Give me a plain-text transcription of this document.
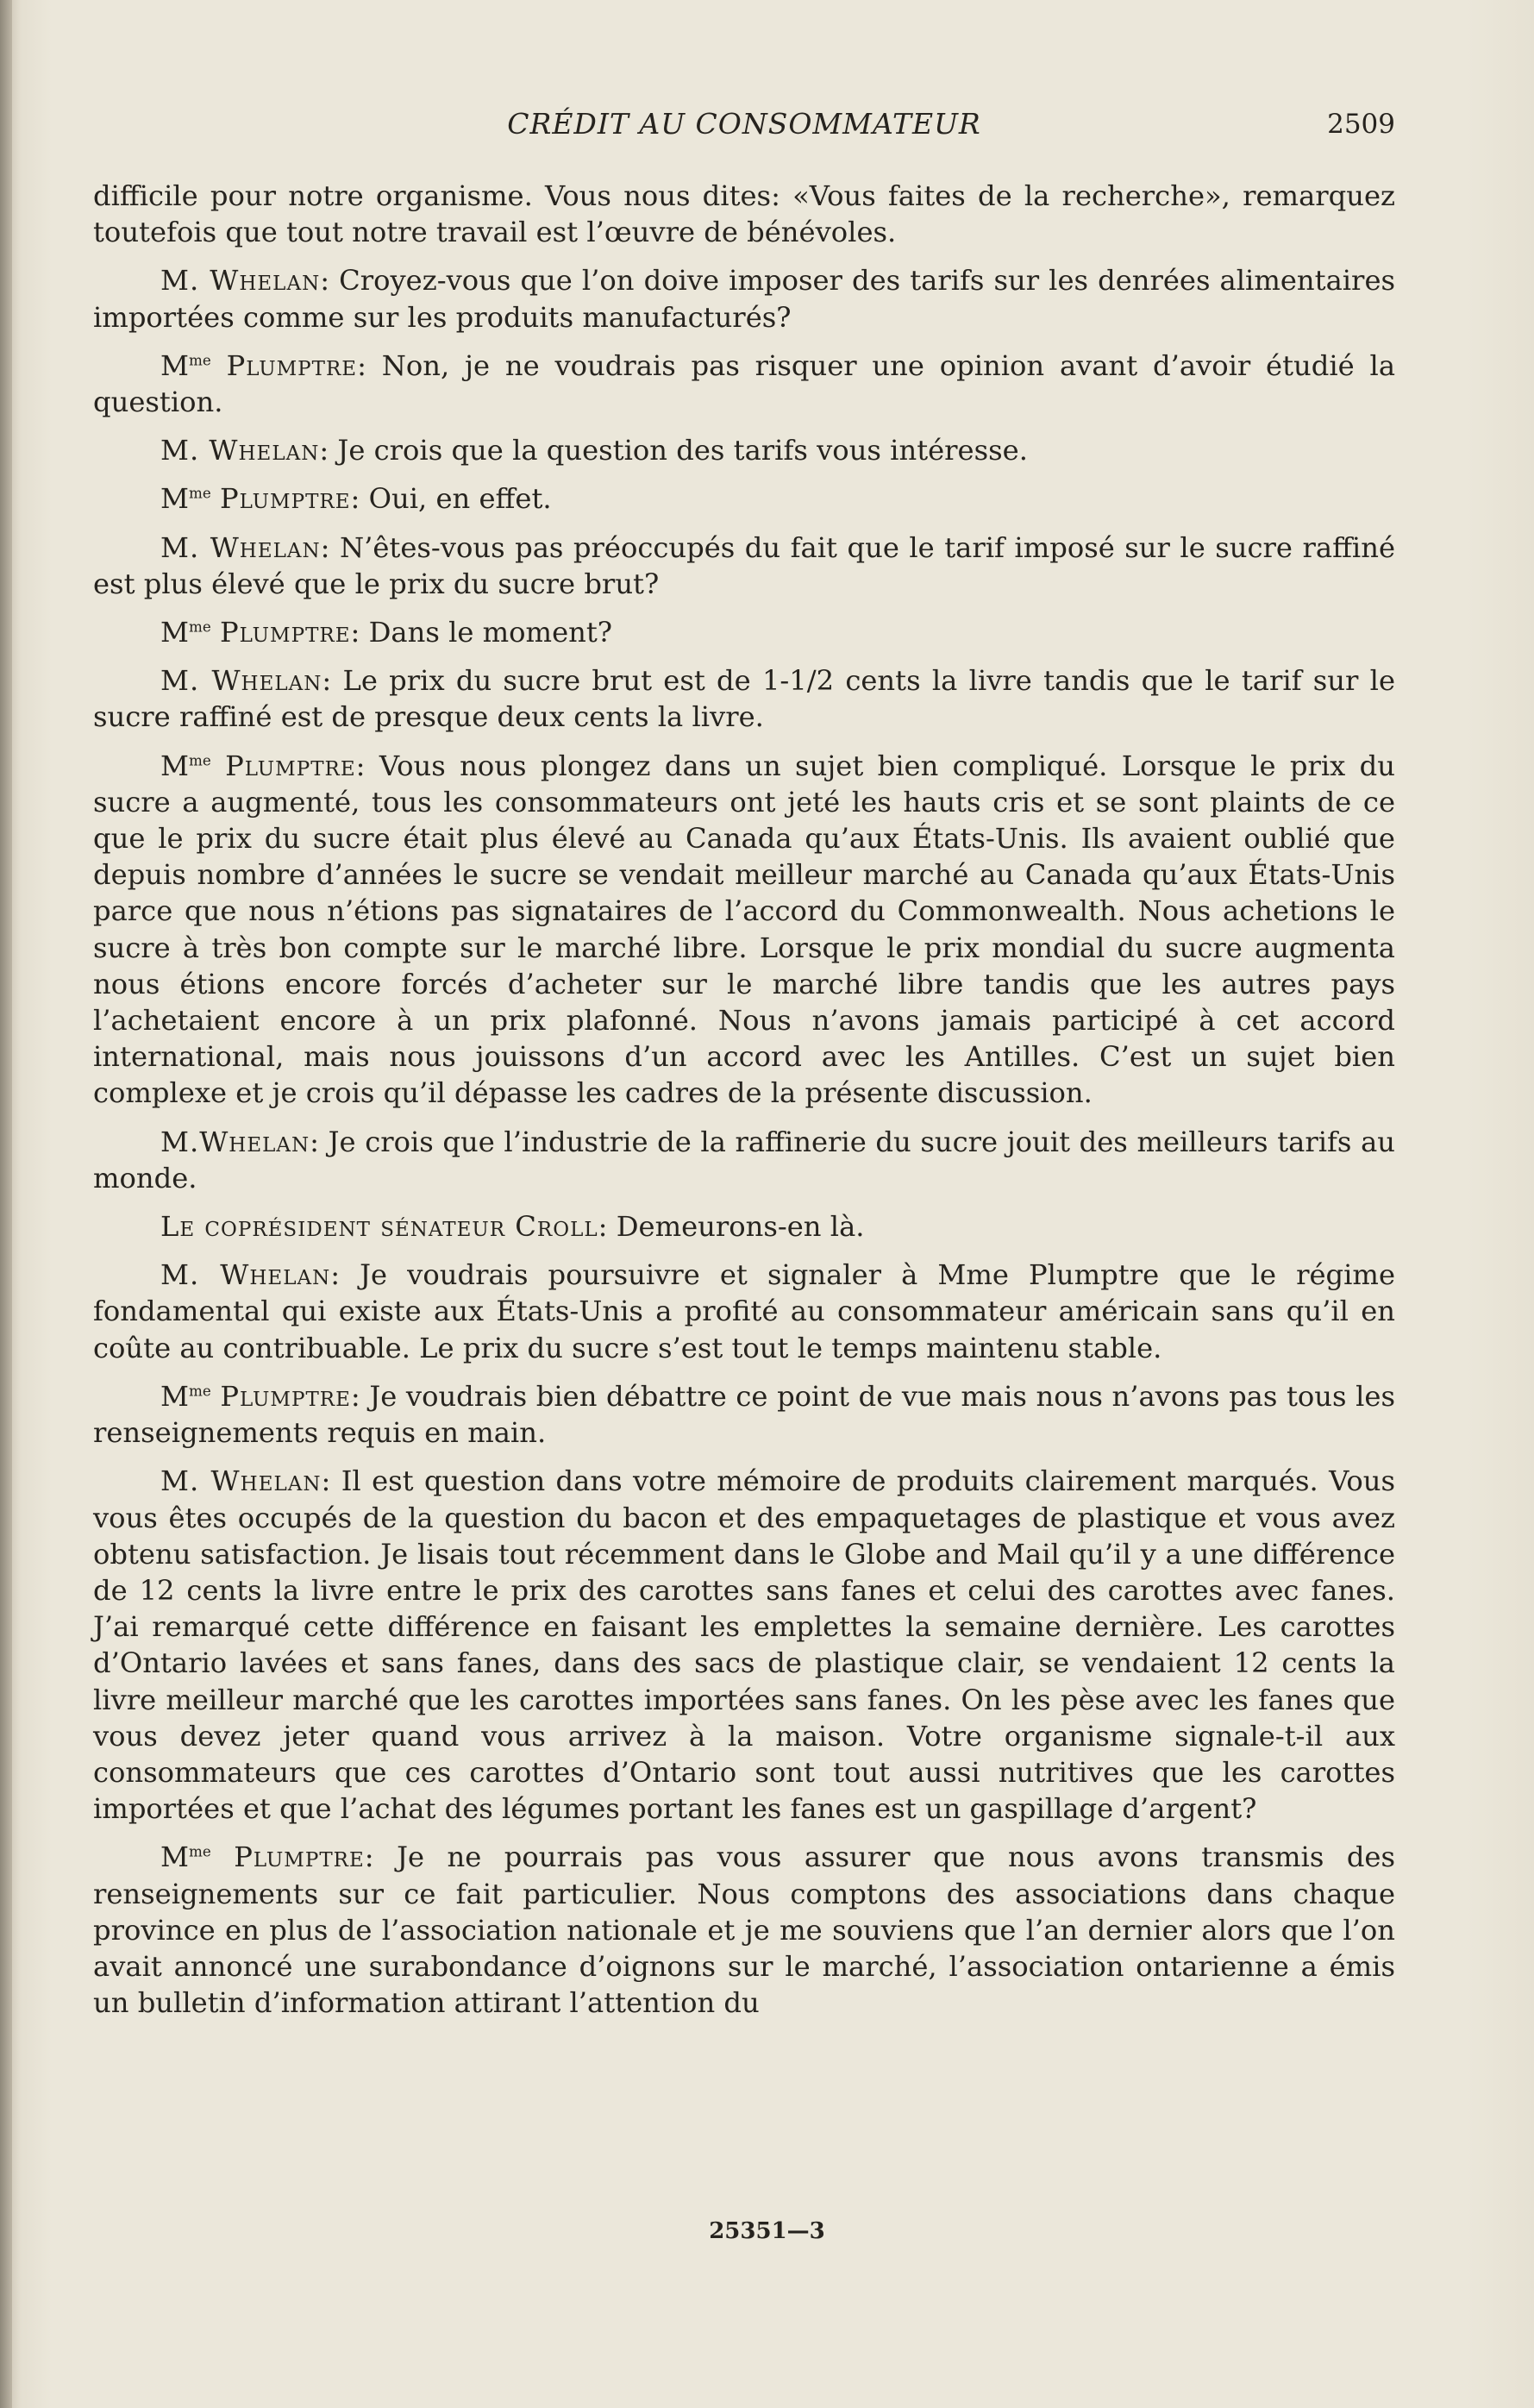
CRÉDIT AU CONSOMMATEUR	2509

difficile pour notre organisme. Vous nous dites: «Vous faites de la recherche», remarquez toutefois que tout notre travail est l’œuvre de bénévoles.

M. Whelan: Croyez-vous que l’on doive imposer des tarifs sur les denrées alimentaires importées comme sur les produits manufacturés?

$M^{me}$ Plumptre: Non, je ne voudrais pas risquer une opinion avant d’avoir étudié la question.

M. Whelan: Je crois que la question des tarifs vous intéresse.

$M^{me}$ Plumptre: Oui, en effet.

M. Whelan: N’êtes-vous pas préoccupés du fait que le tarif imposé sur le sucre raffiné est plus élevé que le prix du sucre brut?

$M^{me}$ Plumptre: Dans le moment?

M. Whelan: Le prix du sucre brut est de 1-1/2 cents la livre tandis que le tarif sur le sucre raffiné est de presque deux cents la livre.

$M^{me}$ Plumptre: Vous nous plongez dans un sujet bien compliqué. Lorsque le prix du sucre a augmenté, tous les consommateurs ont jeté les hauts cris et se sont plaints de ce que le prix du sucre était plus élevé au Canada qu’aux États-Unis. Ils avaient oublié que depuis nombre d’années le sucre se vendait meilleur marché au Canada qu’aux États-Unis parce que nous n’étions pas signataires de l’accord du Commonwealth. Nous achetions le sucre à très bon compte sur le marché libre. Lorsque le prix mondial du sucre augmenta nous étions encore forcés d’acheter sur le marché libre tandis que les autres pays l’achetaient encore à un prix plafonné. Nous n’avons jamais participé à cet accord international, mais nous jouissons d’un accord avec les Antilles. C’est un sujet bien complexe et je crois qu’il dépasse les cadres de la présente discussion.

M.Whelan: Je crois que l’industrie de la raffinerie du sucre jouit des meilleurs tarifs au monde.

Le coprésident sénateur Croll: Demeurons-en là.

M. Whelan: Je voudrais poursuivre et signaler à Mme Plumptre que le régime fondamental qui existe aux États-Unis a profité au consommateur américain sans qu’il en coûte au contribuable. Le prix du sucre s’est tout le temps maintenu stable.

$M^{me}$ Plumptre: Je voudrais bien débattre ce point de vue mais nous n’avons pas tous les renseignements requis en main.

M. Whelan: Il est question dans votre mémoire de produits clairement marqués. Vous vous êtes occupés de la question du bacon et des empaquetages de plastique et vous avez obtenu satisfaction. Je lisais tout récemment dans le Globe and Mail qu’il y a une différence de 12 cents la livre entre le prix des carottes sans fanes et celui des carottes avec fanes. J’ai remarqué cette différence en faisant les emplettes la semaine dernière. Les carottes d’Ontario lavées et sans fanes, dans des sacs de plastique clair, se vendaient 12 cents la livre meilleur marché que les carottes importées sans fanes. On les pèse avec les fanes que vous devez jeter quand vous arrivez à la maison. Votre organisme signale-t-il aux consommateurs que ces carottes d’Ontario sont tout aussi nutritives que les carottes importées et que l’achat des légumes portant les fanes est un gaspillage d’argent?

$M^{me}$ Plumptre: Je ne pourrais pas vous assurer que nous avons transmis des renseignements sur ce fait particulier. Nous comptons des associations dans chaque province en plus de l’association nationale et je me souviens que l’an dernier alors que l’on avait annoncé une surabondance d’oignons sur le marché, l’association ontarienne a émis un bulletin d’information attirant l’attention du

25351—3
